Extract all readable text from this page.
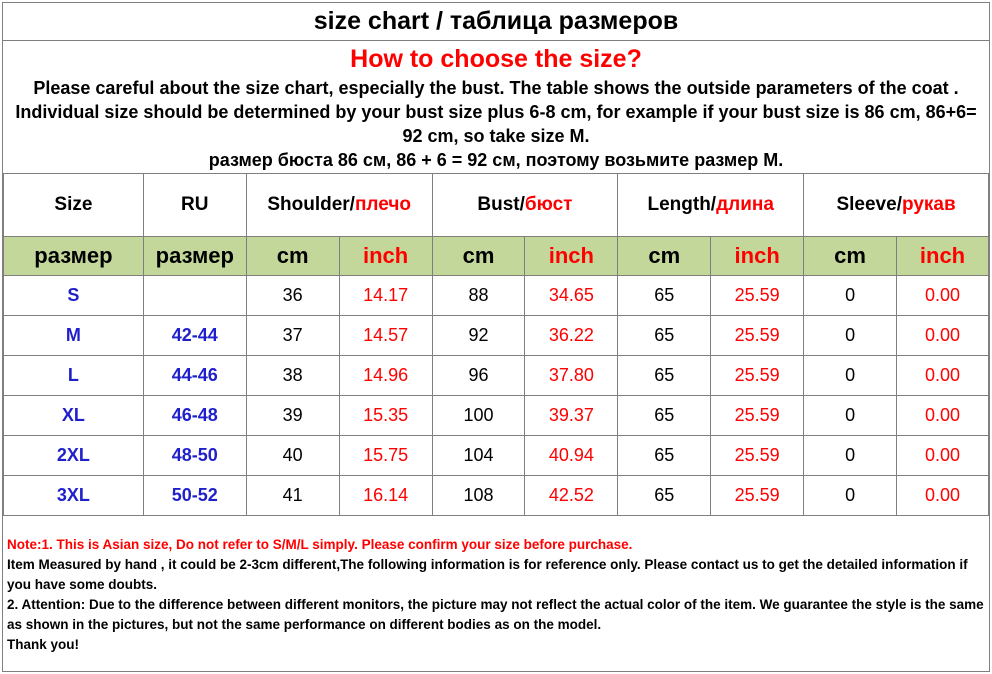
size chart / таблица размеров
How to choose the size?
Please careful about the size chart, especially the bust. The table shows the outside parameters of the coat . Individual size should be determined by your bust size plus 6-8 cm, for example if your bust size is 86 cm, 86+6= 92 cm, so take size M.
размер бюста 86 см, 86 + 6 = 92 см, поэтому возьмите размер M.
Size	RU	Shoulder/плечо		Bust/бюст		Length/длина		Sleeve/рукав	
размер	размер	cm	inch	cm	inch	cm	inch	cm	inch
S		36	14.17	88	34.65	65	25.59	0	0.00
M	42-44	37	14.57	92	36.22	65	25.59	0	0.00
L	44-46	38	14.96	96	37.80	65	25.59	0	0.00
XL	46-48	39	15.35	100	39.37	65	25.59	0	0.00
2XL	48-50	40	15.75	104	40.94	65	25.59	0	0.00
3XL	50-52	41	16.14	108	42.52	65	25.59	0	0.00
Note:1. This is Asian size, Do not refer to S/M/L simply. Please confirm your size before purchase.
Item Measured by hand , it could be 2-3cm different,The following information is for reference only. Please contact us to get the detailed information if you have some doubts.
2. Attention: Due to the difference between different monitors, the picture may not reflect the actual color of the item. We guarantee the style is the same as shown in the pictures, but not the same performance on different bodies as on the model.
Thank you!
